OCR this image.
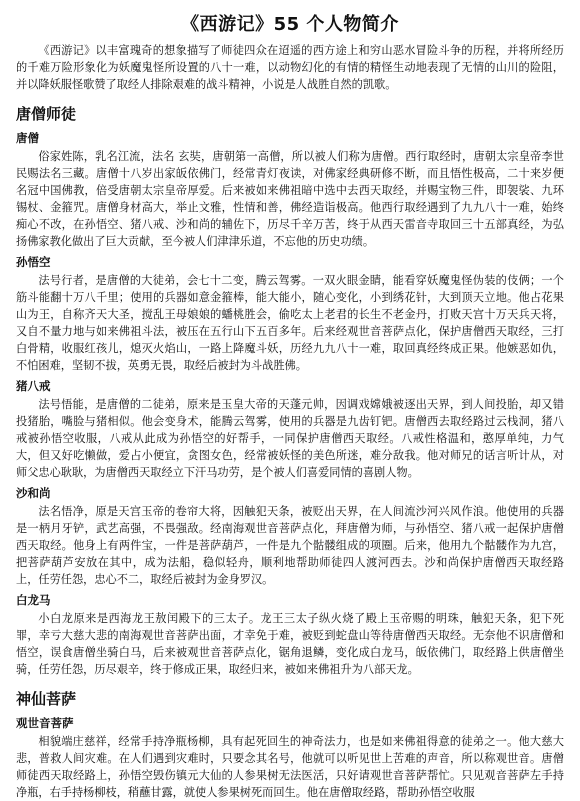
《西游记》55 个人物简介

《西游记》以丰富瑰奇的想象描写了师徒四众在迢遥的西方途上和穷山恶水冒险斗争的历程，并将所经历的千难万险形象化为妖魔鬼怪所设置的八十一难，以动物幻化的有情的精怪生动地表现了无情的山川的险阻，并以降妖服怪歌赞了取经人排除艰难的战斗精神，小说是人战胜自然的凯歌。

唐僧师徒
唐僧

俗家姓陈，乳名江流，法名 玄奘，唐朝第一高僧，所以被人们称为唐僧。西行取经时，唐朝太宗皇帝李世民赐法名三藏。唐僧十八岁出家皈依佛门，经常青灯夜读，对佛家经典研修不断，而且悟性极高，二十来岁便名冠中国佛教，倍受唐朝太宗皇帝厚爱。后来被如来佛祖暗中选中去西天取经，并赐宝物三件，即袈裟、九环锡杖、金箍咒。唐僧身材高大，举止文雅，性情和善，佛经造诣极高。他西行取经遇到了九九八十一难，始终痴心不改，在孙悟空、猪八戒、沙和尚的辅佐下，历尽千辛万苦，终于从西天雷音寺取回三十五部真经，为弘扬佛家教化做出了巨大贡献，至今被人们津津乐道，不忘他的历史功绩。

孙悟空

法号行者，是唐僧的大徒弟，会七十二变，腾云驾雾。一双火眼金睛，能看穿妖魔鬼怪伪装的伎俩；一个筋斗能翻十万八千里；使用的兵器如意金箍棒，能大能小，随心变化，小到绣花针，大到顶天立地。他占花果山为王，自称齐天大圣，搅乱王母娘娘的蟠桃胜会，偷吃太上老君的长生不老金丹，打败天宫十万天兵天将，又自不量力地与如来佛祖斗法，被压在五行山下五百多年。后来经观世音菩萨点化，保护唐僧西天取经，三打白骨精，收服红孩儿，熄灭火焰山，一路上降魔斗妖，历经九九八十一难，取回真经终成正果。他嫉恶如仇，不怕困难，坚韧不拔，英勇无畏，取经后被封为斗战胜佛。

猪八戒

法号悟能，是唐僧的二徒弟，原来是玉皇大帝的天蓬元帅，因调戏嫦娥被逐出天界，到人间投胎，却又错投猪胎，嘴脸与猪相似。他会变身术，能腾云驾雾，使用的兵器是九齿钉钯。唐僧西去取经路过云栈洞，猪八戒被孙悟空收服，八戒从此成为孙悟空的好帮手，一同保护唐僧西天取经。八戒性格温和，憨厚单纯，力气大，但又好吃懒做，爱占小便宜，贪图女色，经常被妖怪的美色所迷，难分敌我。他对师兄的话言听计从，对师父忠心耿耿，为唐僧西天取经立下汗马功劳，是个被人们喜爱同情的喜剧人物。

沙和尚

法名悟净，原是天宫玉帝的卷帘大将，因触犯天条，被贬出天界，在人间流沙河兴风作浪。他使用的兵器是一柄月牙铲，武艺高强，不畏强敌。经南海观世音菩萨点化，拜唐僧为师，与孙悟空、猪八戒一起保护唐僧西天取经。他身上有两件宝，一件是菩萨葫芦，一件是九个骷髅组成的项圈。后来，他用九个骷髅作为九宫，把菩萨葫芦安放在其中，成为法船，稳似轻舟，顺利地帮助师徒四人渡河西去。沙和尚保护唐僧西天取经路上，任劳任怨，忠心不二，取经后被封为金身罗汉。

白龙马

小白龙原来是西海龙王敖闰殿下的三太子。龙王三太子纵火烧了殿上玉帝赐的明珠，触犯天条，犯下死罪，幸亏大慈大悲的南海观世音菩萨出面，才幸免于难，被贬到蛇盘山等待唐僧西天取经。无奈他不识唐僧和悟空，误食唐僧坐骑白马，后来被观世音菩萨点化，锯角退鳞，变化成白龙马，皈依佛门，取经路上供唐僧坐骑，任劳任怨，历尽艰辛，终于修成正果，取经归来，被如来佛祖升为八部天龙。

神仙菩萨
观世音菩萨

相貌端庄慈祥，经常手持净瓶杨柳，具有起死回生的神奇法力，也是如来佛祖得意的徒弟之一。他大慈大悲，普救人间灾难。在人们遇到灾难时，只要念其名号，他就可以听见世上苦难的声音，所以称观世音。唐僧师徒西天取经路上，孙悟空毁伤镇元大仙的人参果树无法医活，只好请观世音菩萨帮忙。只见观音菩萨左手持净瓶，右手持杨柳枝，稍蘸甘露，就使人参果树死而回生。他在唐僧取经路，帮助孙悟空收服
